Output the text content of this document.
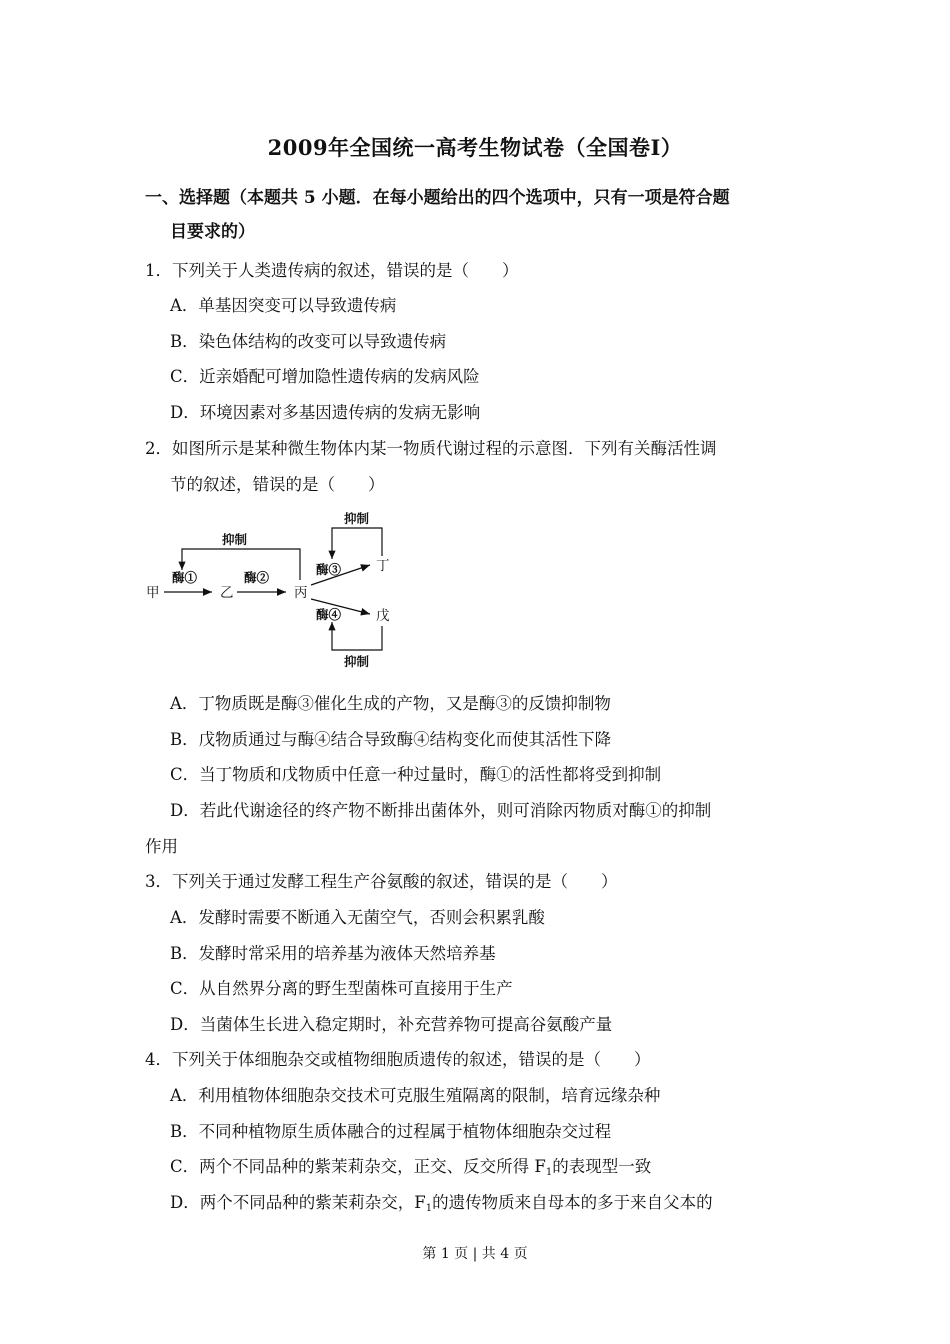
2009年全国统一高考生物试卷（全国卷Ⅰ）
一、选择题（本题共 5 小题．在每小题给出的四个选项中，只有一项是符合题
目要求的）
1．下列关于人类遗传病的叙述，错误的是（　　）
A．单基因突变可以导致遗传病
B．染色体结构的改变可以导致遗传病
C．近亲婚配可增加隐性遗传病的发病风险
D．环境因素对多基因遗传病的发病无影响
2．如图所示是某种微生物体内某一物质代谢过程的示意图．下列有关酶活性调
节的叙述，错误的是（　　）
甲	乙	丙
丁
戊
酶①	酶②
酶③
酶④
抑制
抑制
抑制
A．丁物质既是酶③催化生成的产物，又是酶③的反馈抑制物
B．戊物质通过与酶④结合导致酶④结构变化而使其活性下降
C．当丁物质和戊物质中任意一种过量时，酶①的活性都将受到抑制
D．若此代谢途径的终产物不断排出菌体外，则可消除丙物质对酶①的抑制
作用
3．下列关于通过发酵工程生产谷氨酸的叙述，错误的是（　　）
A．发酵时需要不断通入无菌空气，否则会积累乳酸
B．发酵时常采用的培养基为液体天然培养基
C．从自然界分离的野生型菌株可直接用于生产
D．当菌体生长进入稳定期时，补充营养物可提高谷氨酸产量
4．下列关于体细胞杂交或植物细胞质遗传的叙述，错误的是（　　）
A．利用植物体细胞杂交技术可克服生殖隔离的限制，培育远缘杂种
B．不同种植物原生质体融合的过程属于植物体细胞杂交过程
C．两个不同品种的紫茉莉杂交，正交、反交所得 $F_1$的表现型一致
D．两个不同品种的紫茉莉杂交，$F_1$的遗传物质来自母本的多于来自父本的
第 1 页 | 共 4 页
